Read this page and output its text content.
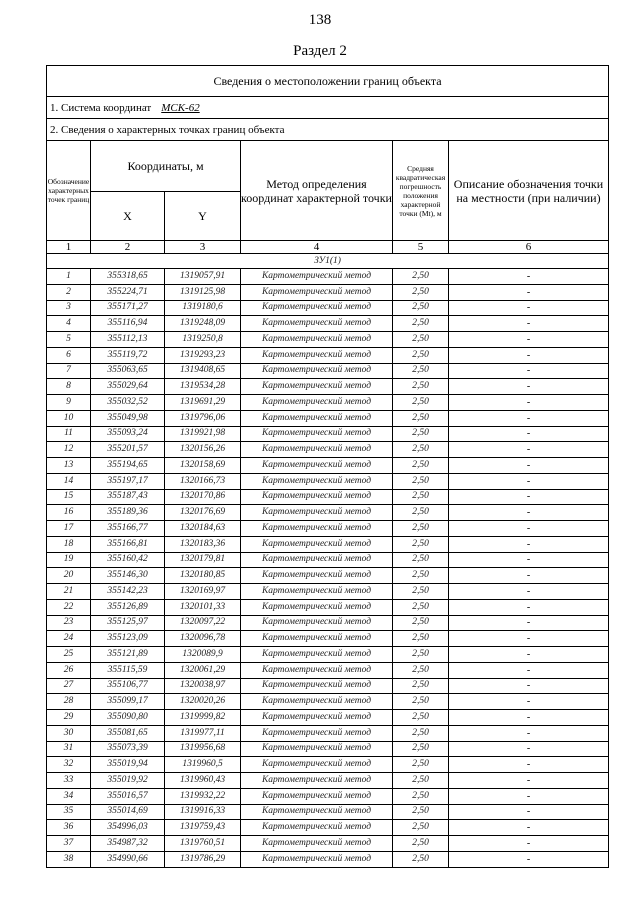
138
Раздел 2
Сведения о местоположении границ объекта					
1. Система координат МСК-62					
2. Сведения о характерных точках границ объекта					
Обозначение характерных точек границ	Координаты, м		Метод определения координат характерной точки	Средняя квадратическая погрешность положения характерной точки (Mt), м	Описание обозначения точки на местности (при наличии)
	X	Y			
1	2	3	4	5	6
ЗУ1(1)					
1	355318,65	1319057,91	Картометрический метод	2,50	-
2	355224,71	1319125,98	Картометрический метод	2,50	-
3	355171,27	1319180,6	Картометрический метод	2,50	-
4	355116,94	1319248,09	Картометрический метод	2,50	-
5	355112,13	1319250,8	Картометрический метод	2,50	-
6	355119,72	1319293,23	Картометрический метод	2,50	-
7	355063,65	1319408,65	Картометрический метод	2,50	-
8	355029,64	1319534,28	Картометрический метод	2,50	-
9	355032,52	1319691,29	Картометрический метод	2,50	-
10	355049,98	1319796,06	Картометрический метод	2,50	-
11	355093,24	1319921,98	Картометрический метод	2,50	-
12	355201,57	1320156,26	Картометрический метод	2,50	-
13	355194,65	1320158,69	Картометрический метод	2,50	-
14	355197,17	1320166,73	Картометрический метод	2,50	-
15	355187,43	1320170,86	Картометрический метод	2,50	-
16	355189,36	1320176,69	Картометрический метод	2,50	-
17	355166,77	1320184,63	Картометрический метод	2,50	-
18	355166,81	1320183,36	Картометрический метод	2,50	-
19	355160,42	1320179,81	Картометрический метод	2,50	-
20	355146,30	1320180,85	Картометрический метод	2,50	-
21	355142,23	1320169,97	Картометрический метод	2,50	-
22	355126,89	1320101,33	Картометрический метод	2,50	-
23	355125,97	1320097,22	Картометрический метод	2,50	-
24	355123,09	1320096,78	Картометрический метод	2,50	-
25	355121,89	1320089,9	Картометрический метод	2,50	-
26	355115,59	1320061,29	Картометрический метод	2,50	-
27	355106,77	1320038,97	Картометрический метод	2,50	-
28	355099,17	1320020,26	Картометрический метод	2,50	-
29	355090,80	1319999,82	Картометрический метод	2,50	-
30	355081,65	1319977,11	Картометрический метод	2,50	-
31	355073,39	1319956,68	Картометрический метод	2,50	-
32	355019,94	1319960,5	Картометрический метод	2,50	-
33	355019,92	1319960,43	Картометрический метод	2,50	-
34	355016,57	1319932,22	Картометрический метод	2,50	-
35	355014,69	1319916,33	Картометрический метод	2,50	-
36	354996,03	1319759,43	Картометрический метод	2,50	-
37	354987,32	1319760,51	Картометрический метод	2,50	-
38	354990,66	1319786,29	Картометрический метод	2,50	-
